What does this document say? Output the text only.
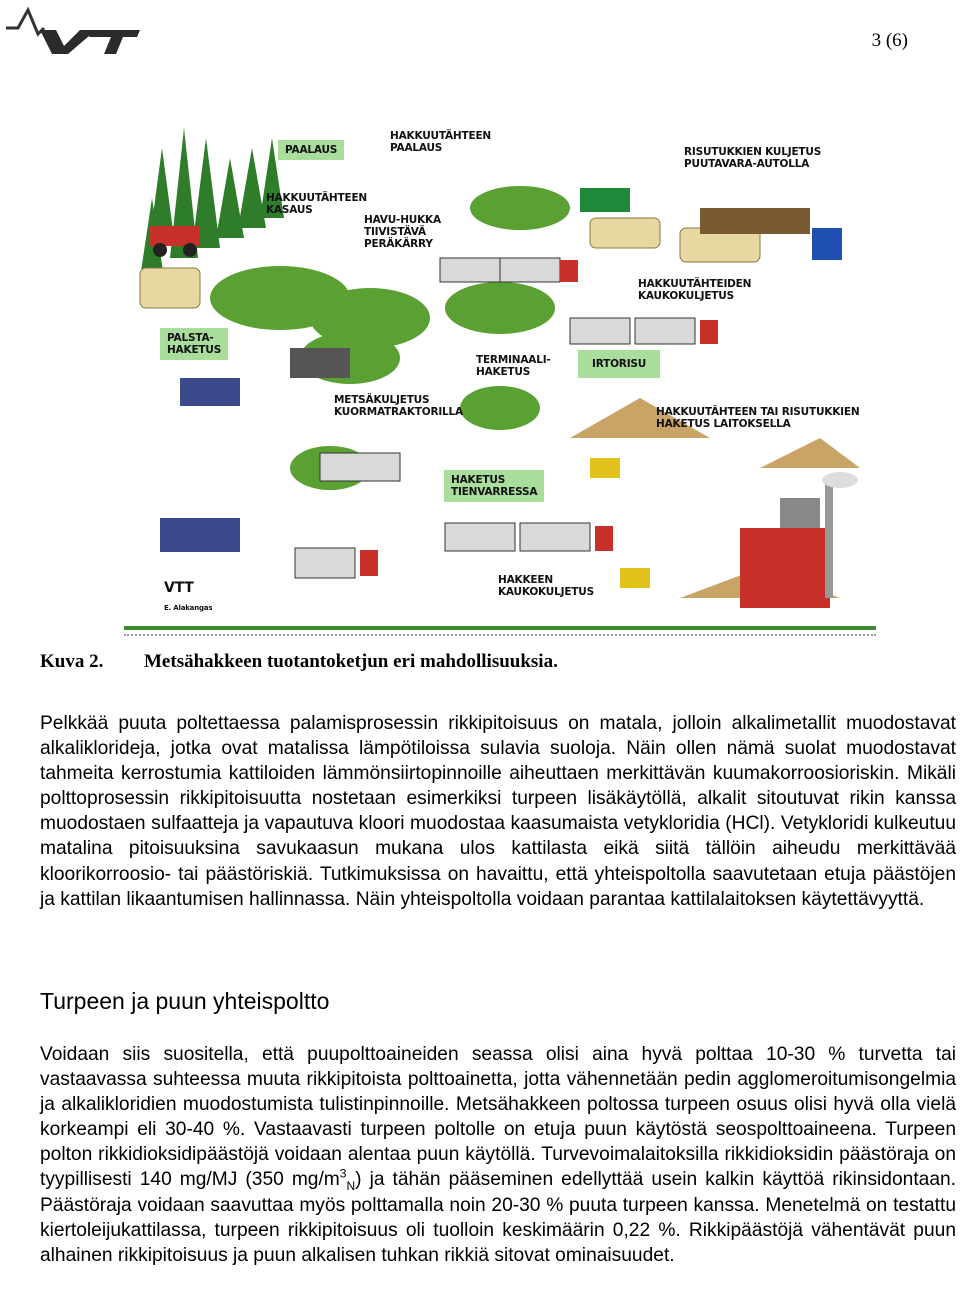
3 (6)
PAALAUS
HAKKUUTÄHTEEN
PAALAUS	RISUTUKKIEN KULJETUS
PUUTAVARA-AUTOLLA
HAKKUUTÄHTEEN
KASAUS
HAVU-HUKKA
TIIVISTÄVÄ
PERÄKÄRRY
HAKKUUTÄHTEIDEN
KAUKOKULJETUS
PALSTA-
HAKETUS
TERMINAALI-
HAKETUS
IRTORISU
METSÄKULJETUS
KUORMATRAKTORILLA	HAKKUUTÄHTEEN TAI RISUTUKKIEN
HAKETUS LAITOKSELLA
HAKETUS
TIENVARRESSA
HAKKEEN
KAUKOKULJETUS
VTT
E. Alakangas
Kuva 2. Metsähakkeen tuotantoketjun eri mahdollisuuksia.

Pelkkää puuta poltettaessa palamisprosessin rikkipitoisuus on matala, jolloin alkalimetallit muodostavat alkalikloridejа, jotka ovat matalissa lämpötiloissa sulavia suoloja. Näin ollen nämä suolat muodostavat tahmeita kerrostumia kattiloiden lämmönsiirtopinnoille aiheuttaen merkittävän kuumakorroosioriskin. Mikäli polttoprosessin rikkipitoisuutta nostetaan esimerkiksi turpeen lisäkäytöllä, alkalit sitoutuvat rikin kanssa muodostaen sulfaatteja ja vapautuva kloori muodostaa kaasumaista vetykloridia (HCl). Vetykloridi kulkeutuu matalina pitoisuuksina savukaasun mukana ulos kattilasta eikä siitä tällöin aiheudu merkittävää kloorikorroosio- tai päästöriskiä. Tutkimuksissa on havaittu, että yhteispoltolla saavutetaan etuja päästöjen ja kattilan likaantumisen hallinnassa. Näin yhteispoltolla voidaan parantaa kattilalaitoksen käytettävyyttä.

Turpeen ja puun yhteispoltto

Voidaan siis suositella, että puupolttoaineiden seassa olisi aina hyvä polttaa 10-30 % turvetta tai vastaavassa suhteessa muuta rikkipitoista polttoainetta, jotta vähennetään pedin agglomeroitumisongelmia ja alkalikloridien muodostumista tulistinpinnoille. Metsähakkeen poltossa turpeen osuus olisi hyvä olla vielä korkeampi eli 30-40 %. Vastaavasti turpeen poltolle on etuja puun käytöstä seospolttoaineena. Turpeen polton rikkidioksidipäästöjä voidaan alentaa puun käytöllä. Turvevoimalaitoksilla rikkidioksidin päästöraja on tyypillisesti 140 mg/MJ (350 $mg/m^3_N$) ja tähän pääseminen edellyttää usein kalkin käyttöä rikinsidontaan. Päästöraja voidaan saavuttaa myös polttamalla noin 20-30 % puuta turpeen kanssa. Menetelmä on testattu kiertoleijukattilassa, turpeen rikkipitoisuus oli tuolloin keskimäärin 0,22 %. Rikkipäästöjä vähentävät puun alhainen rikkipitoisuus ja puun alkalisen tuhkan rikkiä sitovat ominaisuudet.
